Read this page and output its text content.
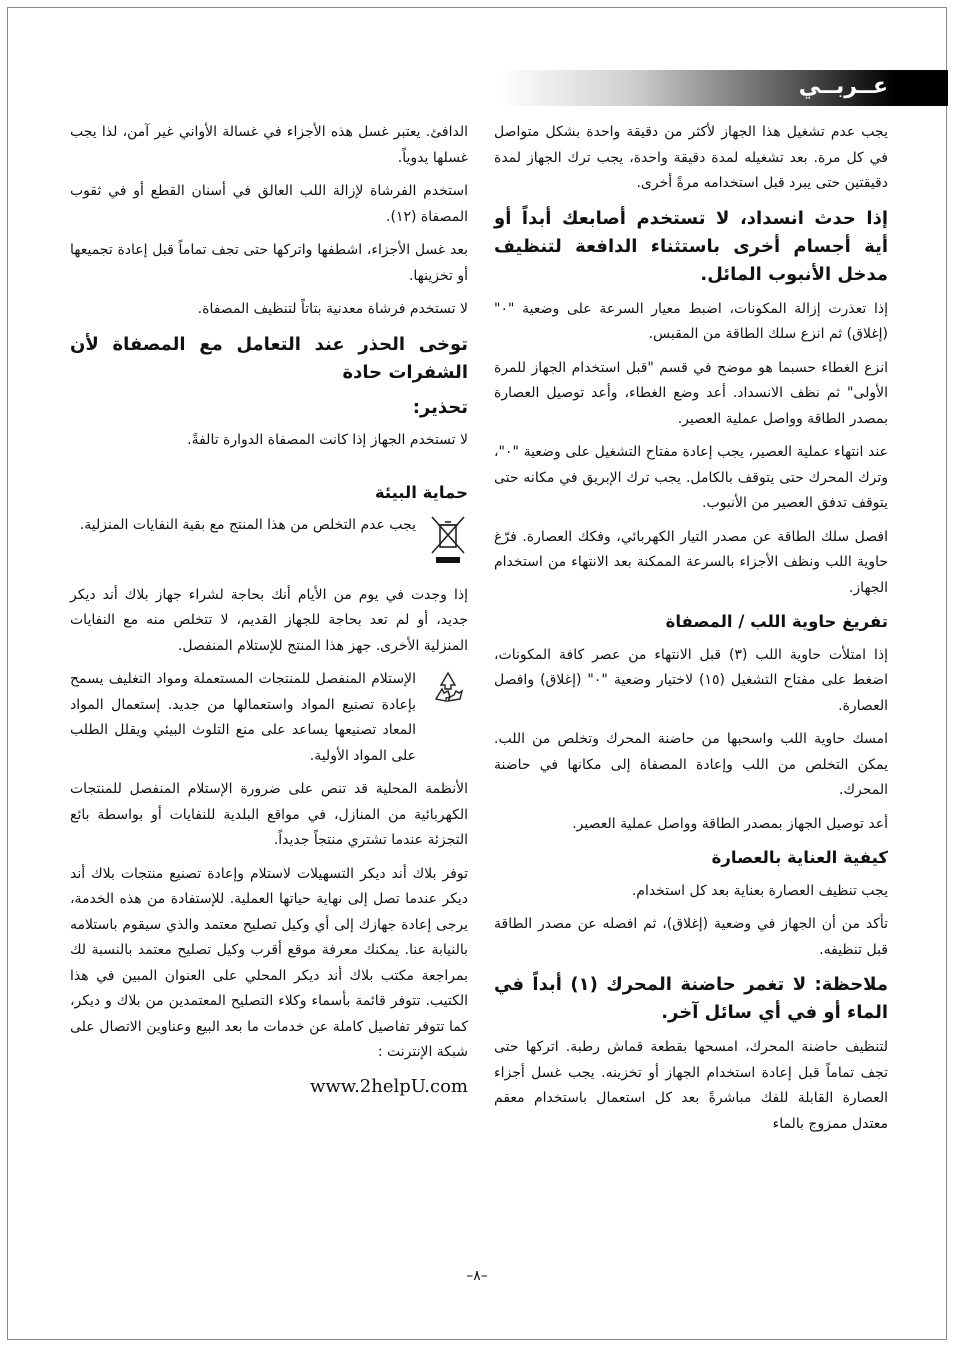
عــربــي

يجب عدم تشغيل هذا الجهاز لأكثر من دقيقة واحدة بشكل متواصل في كل مرة. بعد تشغيله لمدة دقيقة واحدة، يجب ترك الجهاز لمدة دقيقتين حتى يبرد قبل استخدامه مرةً أخرى.

إذا حدث انسداد، لا تستخدم أصابعك أبداً أو أية أجسام أخرى باستثناء الدافعة لتنظيف مدخل الأنبوب المائل.

إذا تعذرت إزالة المكونات، اضبط معيار السرعة على وضعية "٠" (إغلاق) ثم انزع سلك الطاقة من المقبس.

انزع الغطاء حسبما هو موضح في قسم "قبل استخدام الجهاز للمرة الأولى" ثم نظف الانسداد. أعد وضع الغطاء، وأعد توصيل العصارة بمصدر الطاقة وواصل عملية العصير.

عند انتهاء عملية العصير، يجب إعادة مفتاح التشغيل على وضعية "٠"، وترك المحرك حتى يتوقف بالكامل. يجب ترك الإبريق في مكانه حتى يتوقف تدفق العصير من الأنبوب.

افصل سلك الطاقة عن مصدر التيار الكهربائي، وفكك العصارة. فرّغ حاوية اللب ونظف الأجزاء بالسرعة الممكنة بعد الانتهاء من استخدام الجهاز.

تفريغ حاوية اللب / المصفاة

إذا امتلأت حاوية اللب (٣) قبل الانتهاء من عصر كافة المكونات، اضغط على مفتاح التشغيل (١٥) لاختيار وضعية "٠" (إغلاق) وافصل العصارة.

امسك حاوية اللب واسحبها من حاضنة المحرك وتخلص من اللب. يمكن التخلص من اللب وإعادة المصفاة إلى مكانها في حاضنة المحرك.

أعد توصيل الجهاز بمصدر الطاقة وواصل عملية العصير.

كيفية العناية بالعصارة

يجب تنظيف العصارة بعناية بعد كل استخدام.

تأكد من أن الجهاز في وضعية (إغلاق)، ثم افصله عن مصدر الطاقة قبل تنظيفه.

ملاحظة: لا تغمر حاضنة المحرك (١) أبداً في الماء أو في أي سائل آخر.

لتنظيف حاضنة المحرك، امسحها بقطعة قماش رطبة. اتركها حتى تجف تماماً قبل إعادة استخدام الجهاز أو تخزينه. يجب غسل أجزاء العصارة القابلة للفك مباشرةً بعد كل استعمال باستخدام معقم معتدل ممزوج بالماء

الدافئ. يعتبر غسل هذه الأجزاء في غسالة الأواني غير آمن، لذا يجب غسلها يدوياً.

استخدم الفرشاة لإزالة اللب العالق في أسنان القطع أو في ثقوب المصفاة (١٢).

بعد غسل الأجزاء، اشطفها واتركها حتى تجف تماماً قبل إعادة تجميعها أو تخزينها.

لا تستخدم فرشاة معدنية بتاتاً لتنظيف المصفاة.

توخى الحذر عند التعامل مع المصفاة لأن الشفرات حادة

تحذير:

لا تستخدم الجهاز إذا كانت المصفاة الدوارة تالفةً.

حماية البيئة

يجب عدم التخلص من هذا المنتج مع بقية النفايات المنزلية.

إذا وجدت في يوم من الأيام أنك بحاجة لشراء جهاز بلاك أند ديكر جديد، أو لم تعد بحاجة للجهاز القديم، لا تتخلص منه مع النفايات المنزلية الأخرى. جهز هذا المنتج للإستلام المنفصل.

الإستلام المنفصل للمنتجات المستعملة ومواد التغليف يسمح بإعادة تصنيع المواد واستعمالها من جديد. إستعمال المواد المعاد تصنيعها يساعد على منع التلوث البيئي ويقلل الطلب على المواد الأولية.

الأنظمة المحلية قد تنص على ضرورة الإستلام المنفصل للمنتجات الكهربائية من المنازل، في مواقع البلدية للنفايات أو بواسطة بائع التجزئة عندما تشتري منتجاً جديداً.

توفر بلاك أند ديكر التسهيلات لاستلام وإعادة تصنيع منتجات بلاك أند ديكر عندما تصل إلى نهاية حياتها العملية. للإستفادة من هذه الخدمة، يرجى إعادة جهازك إلى أي وكيل تصليح معتمد والذي سيقوم باستلامه بالنيابة عنا. يمكنك معرفة موقع أقرب وكيل تصليح معتمد بالنسبة لك بمراجعة مكتب بلاك أند ديكر المحلي على العنوان المبين في هذا الكتيب. تتوفر قائمة بأسماء وكلاء التصليح المعتمدين من بلاك و ديكر، كما تتوفر تفاصيل كاملة عن خدمات ما بعد البيع وعناوين الاتصال على شبكة الإنترنت :

www.2helpU.com

–٨–
